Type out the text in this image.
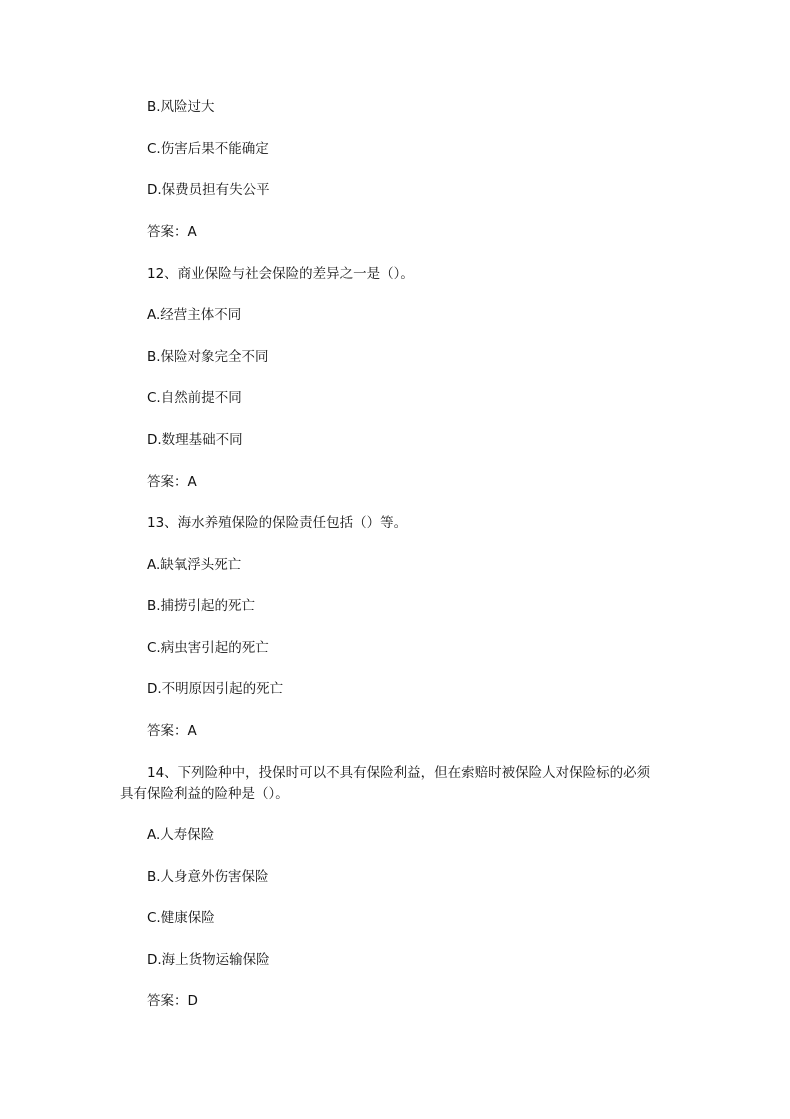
B.风险过大
C.伤害后果不能确定
D.保费员担有失公平
答案：A
12、商业保险与社会保险的差异之一是（）。
A.经营主体不同
B.保险对象完全不同
C.自然前提不同
D.数理基础不同
答案：A
13、海水养殖保险的保险责任包括（）等。
A.缺氧浮头死亡
B.捕捞引起的死亡
C.病虫害引起的死亡
D.不明原因引起的死亡
答案：A
14、下列险种中，投保时可以不具有保险利益，但在索赔时被保险人对保险标的必须
具有保险利益的险种是（）。
A.人寿保险
B.人身意外伤害保险
C.健康保险
D.海上货物运输保险
答案：D
